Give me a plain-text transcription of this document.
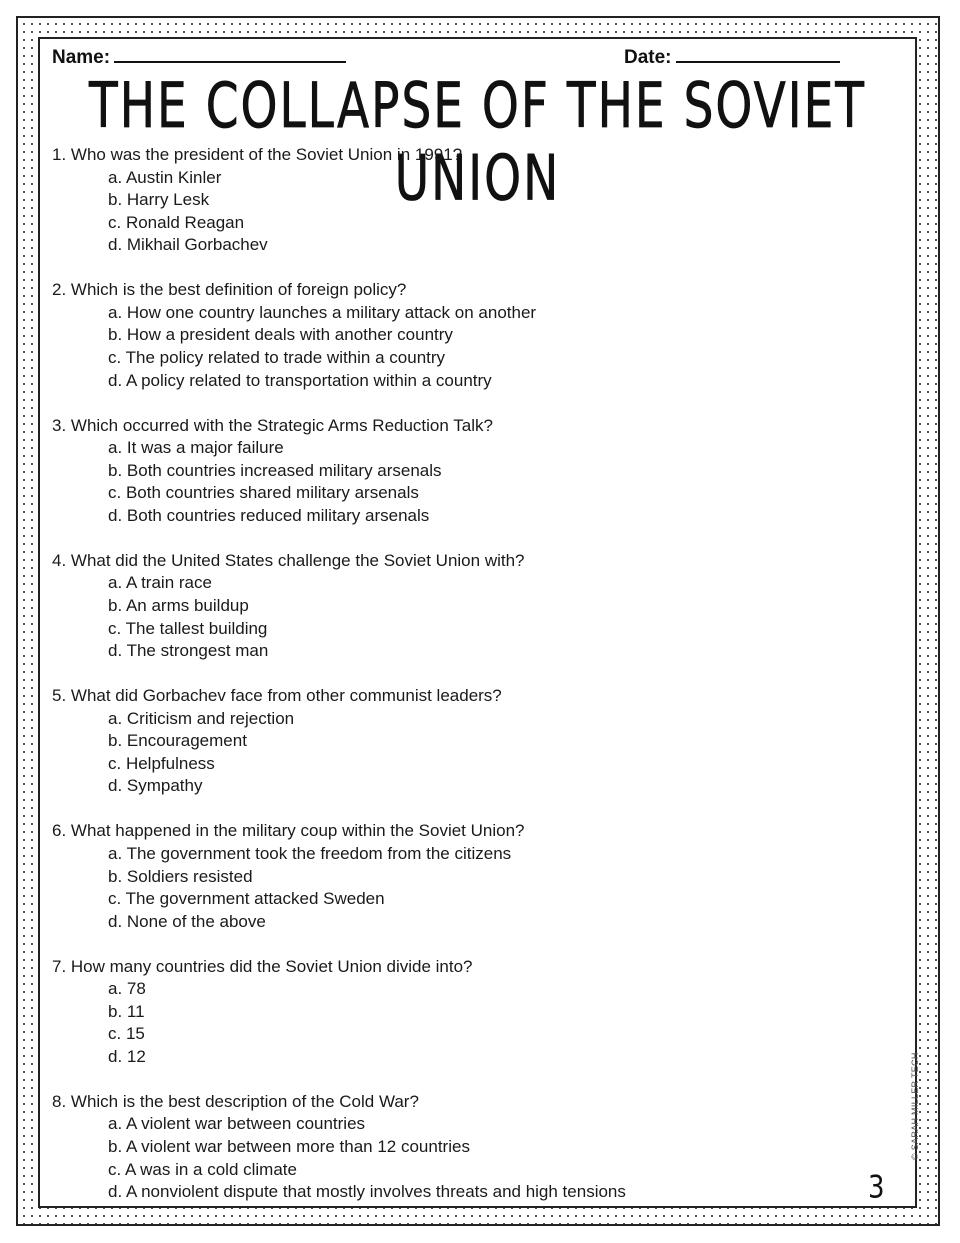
Name:	Date:
THE COLLAPSE OF THE SOVIET UNION
1. Who was the president of the Soviet Union in 1991?
a. Austin Kinler
b. Harry Lesk
c. Ronald Reagan
d. Mikhail Gorbachev
2. Which is the best definition of foreign policy?
a. How one country launches a military attack on another
b. How a president deals with another country
c. The policy related to trade within a country
d. A policy related to transportation within a country
3. Which occurred with the Strategic Arms Reduction Talk?
a. It was a major failure
b. Both countries increased military arsenals
c. Both countries shared military arsenals
d. Both countries reduced military arsenals
4. What did the United States challenge the Soviet Union with?
a. A train race
b. An arms buildup
c. The tallest building
d. The strongest man
5. What did Gorbachev face from other communist leaders?
a. Criticism and rejection
b. Encouragement
c. Helpfulness
d. Sympathy
6. What happened in the military coup within the Soviet Union?
a. The government took the freedom from the citizens
b. Soldiers resisted
c. The government attacked Sweden
d. None of the above
7. How many countries did the Soviet Union divide into?
a. 78
b. 11
c. 15
d. 12
8. Which is the best description of the Cold War?
a. A violent war between countries
b. A violent war between more than 12 countries
c. A was in a cold climate
d. A nonviolent dispute that mostly involves threats and high tensions
© SARAH MILLER TECH
3
